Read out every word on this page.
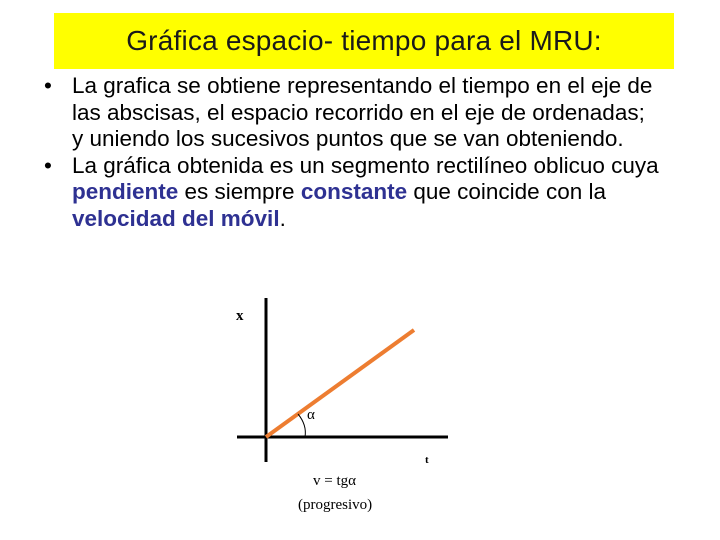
Gráfica espacio- tiempo para el MRU:
• La grafica se obtiene representando el tiempo en el eje de las abscisas, el espacio recorrido en el eje de ordenadas; y uniendo los sucesivos puntos que se van obteniendo.
• La gráfica obtenida es un segmento rectilíneo oblicuo cuya pendiente es siempre constante que coincide con la velocidad del móvil.
x
t
α
v = tgα
(progresivo)
